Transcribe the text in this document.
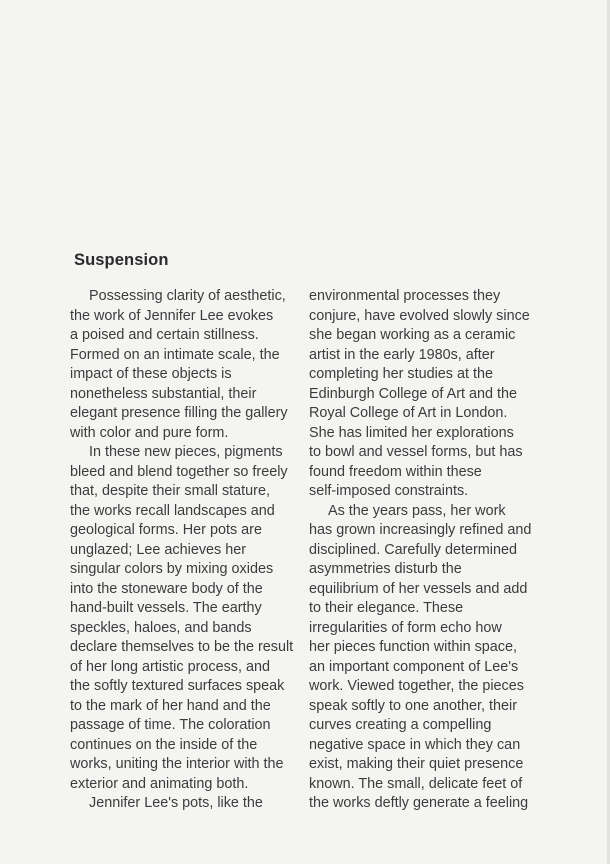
Suspension
Possessing clarity of aesthetic,
the work of Jennifer Lee evokes
a poised and certain stillness.
Formed on an intimate scale, the
impact of these objects is
nonetheless substantial, their
elegant presence filling the gallery
with color and pure form.
In these new pieces, pigments
bleed and blend together so freely
that, despite their small stature,
the works recall landscapes and
geological forms. Her pots are
unglazed; Lee achieves her
singular colors by mixing oxides
into the stoneware body of the
hand-built vessels. The earthy
speckles, haloes, and bands
declare themselves to be the result
of her long artistic process, and
the softly textured surfaces speak
to the mark of her hand and the
passage of time. The coloration
continues on the inside of the
works, uniting the interior with the
exterior and animating both.
Jennifer Lee's pots, like the
environmental processes they
conjure, have evolved slowly since
she began working as a ceramic
artist in the early 1980s, after
completing her studies at the
Edinburgh College of Art and the
Royal College of Art in London.
She has limited her explorations
to bowl and vessel forms, but has
found freedom within these
self-imposed constraints.
As the years pass, her work
has grown increasingly refined and
disciplined. Carefully determined
asymmetries disturb the
equilibrium of her vessels and add
to their elegance. These
irregularities of form echo how
her pieces function within space,
an important component of Lee's
work. Viewed together, the pieces
speak softly to one another, their
curves creating a compelling
negative space in which they can
exist, making their quiet presence
known. The small, delicate feet of
the works deftly generate a feeling
